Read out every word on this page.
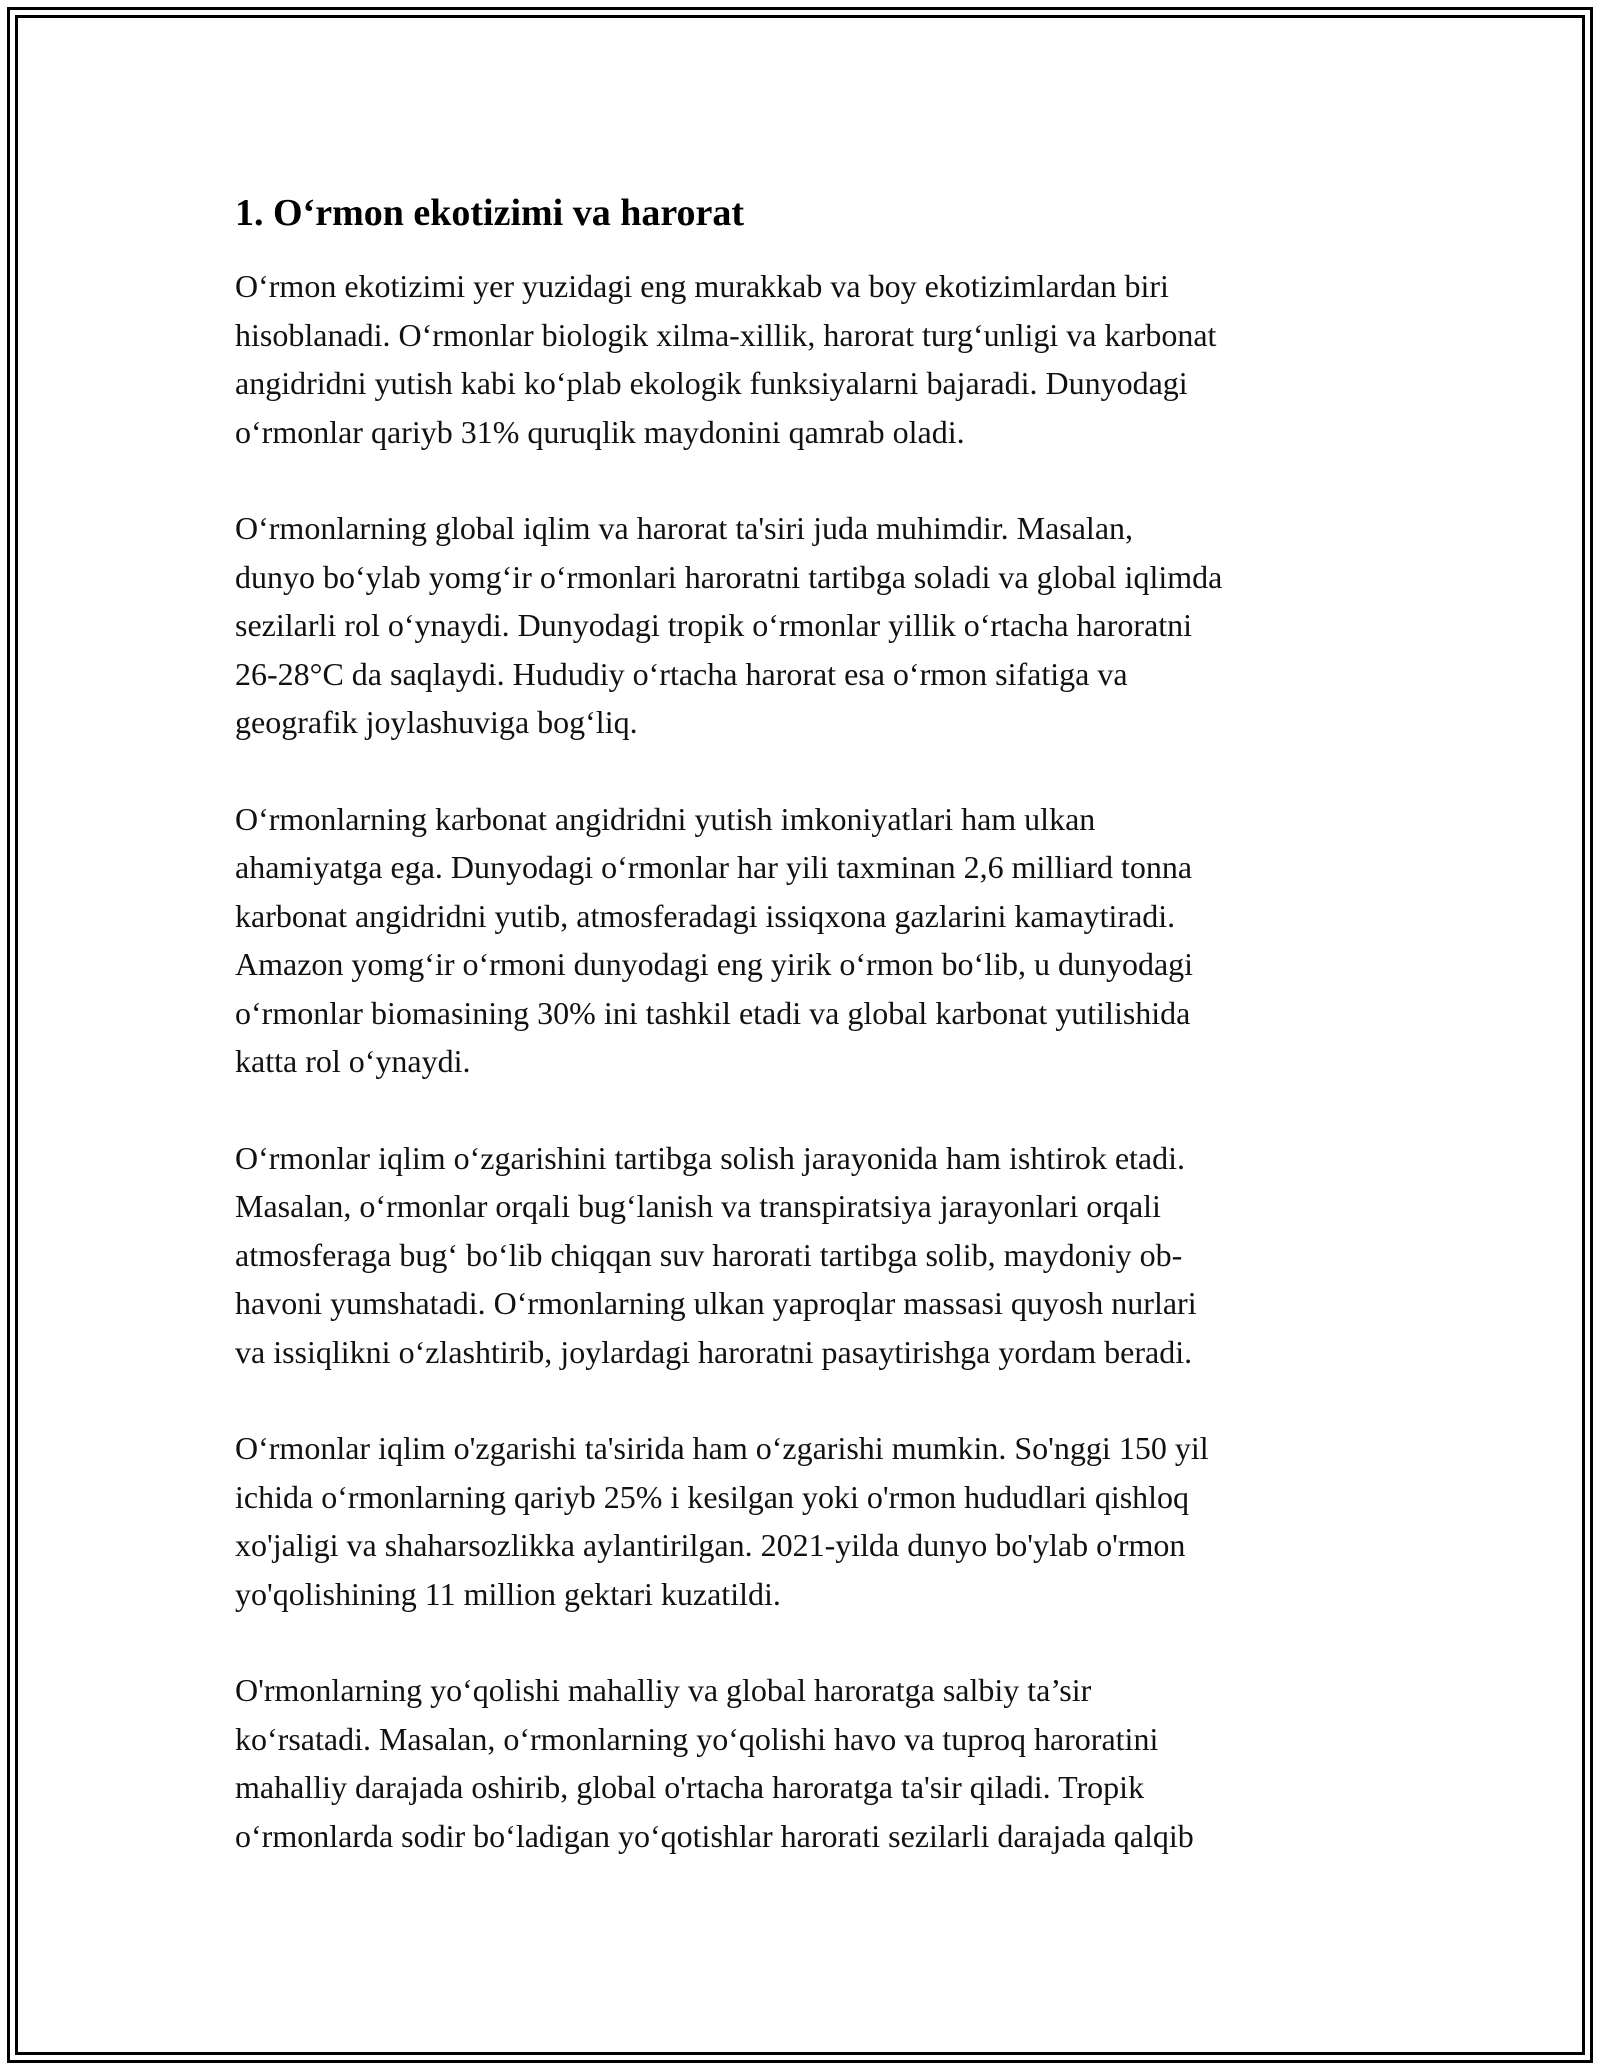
1. O‘rmon ekotizimi va harorat
O‘rmon ekotizimi yer yuzidagi eng murakkab va boy ekotizimlardan biri
hisoblanadi. O‘rmonlar biologik xilma-xillik, harorat turg‘unligi va karbonat
angidridni yutish kabi ko‘plab ekologik funksiyalarni bajaradi. Dunyodagi
o‘rmonlar qariyb 31% quruqlik maydonini qamrab oladi.
O‘rmonlarning global iqlim va harorat ta'siri juda muhimdir. Masalan,
dunyo bo‘ylab yomg‘ir o‘rmonlari haroratni tartibga soladi va global iqlimda
sezilarli rol o‘ynaydi. Dunyodagi tropik o‘rmonlar yillik o‘rtacha haroratni
26-28°C da saqlaydi. Hududiy o‘rtacha harorat esa o‘rmon sifatiga va
geografik joylashuviga bog‘liq.
O‘rmonlarning karbonat angidridni yutish imkoniyatlari ham ulkan
ahamiyatga ega. Dunyodagi o‘rmonlar har yili taxminan 2,6 milliard tonna
karbonat angidridni yutib, atmosferadagi issiqxona gazlarini kamaytiradi.
Amazon yomg‘ir o‘rmoni dunyodagi eng yirik o‘rmon bo‘lib, u dunyodagi
o‘rmonlar biomasining 30% ini tashkil etadi va global karbonat yutilishida
katta rol o‘ynaydi.
O‘rmonlar iqlim o‘zgarishini tartibga solish jarayonida ham ishtirok etadi.
Masalan, o‘rmonlar orqali bug‘lanish va transpiratsiya jarayonlari orqali
atmosferaga bug‘ bo‘lib chiqqan suv harorati tartibga solib, maydoniy ob-
havoni yumshatadi. O‘rmonlarning ulkan yaproqlar massasi quyosh nurlari
va issiqlikni o‘zlashtirib, joylardagi haroratni pasaytirishga yordam beradi.
O‘rmonlar iqlim o'zgarishi ta'sirida ham o‘zgarishi mumkin. So'nggi 150 yil
ichida o‘rmonlarning qariyb 25% i kesilgan yoki o'rmon hududlari qishloq
xo'jaligi va shaharsozlikka aylantirilgan. 2021-yilda dunyo bo'ylab o'rmon
yo'qolishining 11 million gektari kuzatildi.
O'rmonlarning yo‘qolishi mahalliy va global haroratga salbiy ta’sir
ko‘rsatadi. Masalan, o‘rmonlarning yo‘qolishi havo va tuproq haroratini
mahalliy darajada oshirib, global o'rtacha haroratga ta'sir qiladi. Tropik
o‘rmonlarda sodir bo‘ladigan yo‘qotishlar harorati sezilarli darajada qalqib
